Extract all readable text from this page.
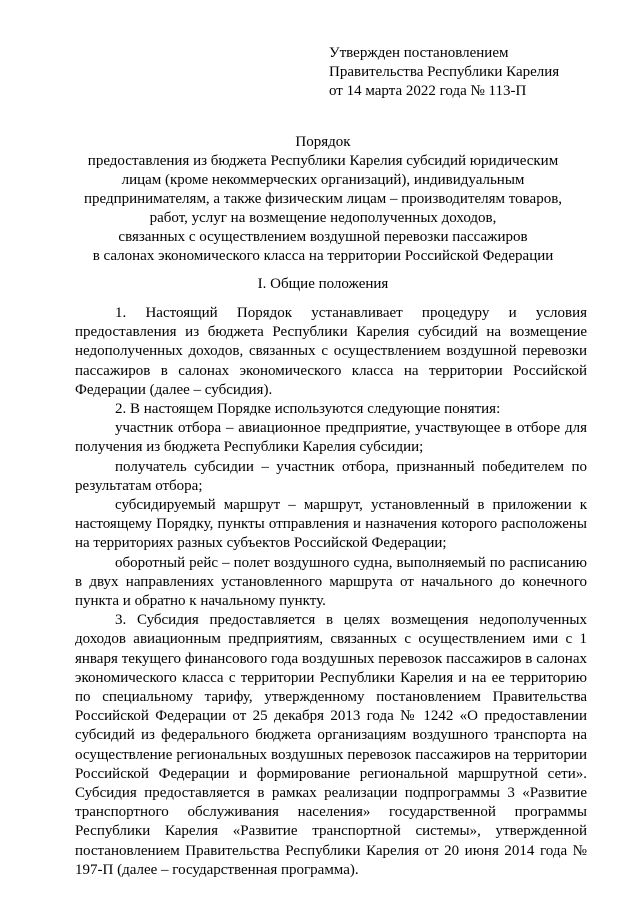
Утвержден постановлением
Правительства Республики Карелия
от 14 марта 2022 года № 113-П
Порядок
предоставления из бюджета Республики Карелия субсидий юридическим
лицам (кроме некоммерческих организаций), индивидуальным
предпринимателям, а также физическим лицам – производителям товаров,
работ, услуг на возмещение недополученных доходов,
связанных с осуществлением воздушной перевозки пассажиров
в салонах экономического класса на территории Российской Федерации
I. Общие положения

1. Настоящий Порядок устанавливает процедуру и условия предоставления из бюджета Республики Карелия субсидий на возмещение недополученных доходов, связанных с осуществлением воздушной перевозки пассажиров в салонах экономического класса на территории Российской Федерации (далее – субсидия).

2. В настоящем Порядке используются следующие понятия:

участник отбора – авиационное предприятие, участвующее в отборе для получения из бюджета Республики Карелия субсидии;

получатель субсидии – участник отбора, признанный победителем по результатам отбора;

субсидируемый маршрут – маршрут, установленный в приложении к настоящему Порядку, пункты отправления и назначения которого расположены на территориях разных субъектов Российской Федерации;

оборотный рейс – полет воздушного судна, выполняемый по расписанию в двух направлениях установленного маршрута от начального до конечного пункта и обратно к начальному пункту.

3. Субсидия предоставляется в целях возмещения недополученных доходов авиационным предприятиям, связанных с осуществлением ими с 1 января текущего финансового года воздушных перевозок пассажиров в салонах экономического класса с территории Республики Карелия и на ее территорию по специальному тарифу, утвержденному постановлением Правительства Российской Федерации от 25 декабря 2013 года № 1242 «О предоставлении субсидий из федерального бюджета организациям воздушного транспорта на осуществление региональных воздушных перевозок пассажиров на территории Российской Федерации и формирование региональной маршрутной сети». Субсидия предоставляется в рамках реализации подпрограммы 3 «Развитие транспортного обслуживания населения» государственной программы Республики Карелия «Развитие транспортной системы», утвержденной постановлением Правительства Республики Карелия от 20 июня 2014 года № 197-П (далее – государственная программа).
